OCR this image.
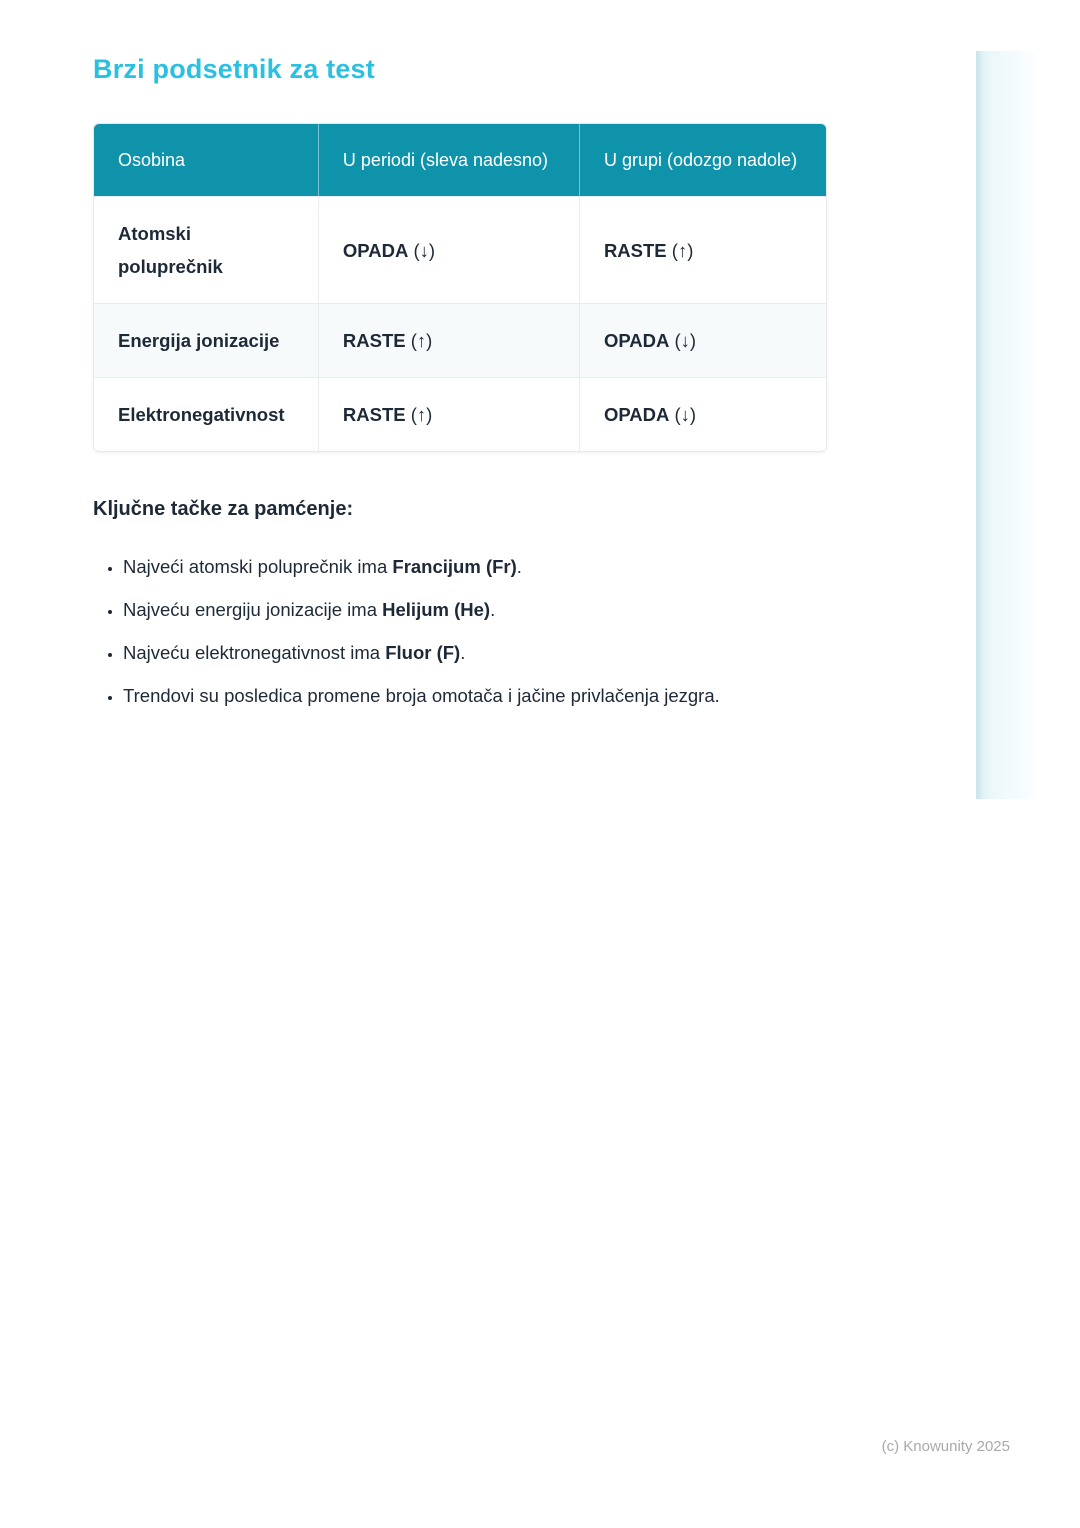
Brzi podsetnik za test
Osobina	U periodi (sleva nadesno)	U grupi (odozgo nadole)
Atomski poluprečnik	OPADA (↓)	RASTE (↑)
Energija jonizacije	RASTE (↑)	OPADA (↓)
Elektronegativnost	RASTE (↑)	OPADA (↓)
Ključne tačke za pamćenje:
• Najveći atomski poluprečnik ima Francijum (Fr).
• Najveću energiju jonizacije ima Helijum (He).
• Najveću elektronegativnost ima Fluor (F).
• Trendovi su posledica promene broja omotača i jačine privlačenja jezgra.
(c) Knowunity 2025
